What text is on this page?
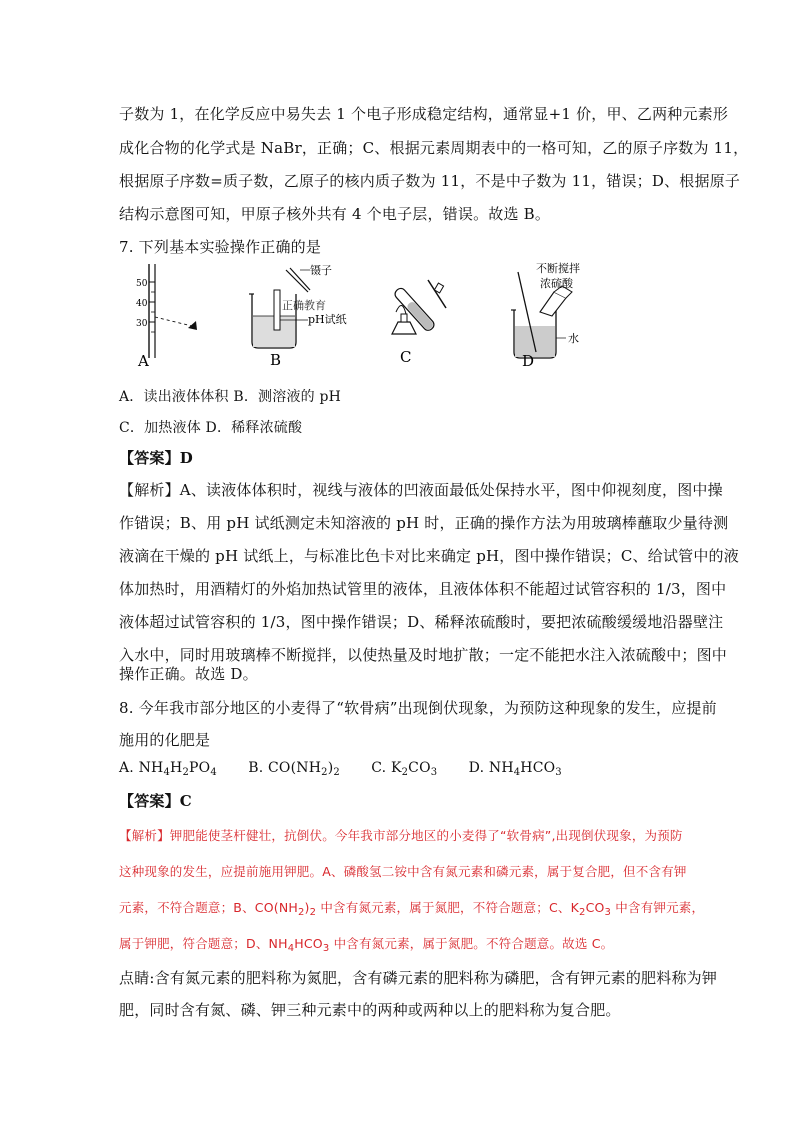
子数为 1，在化学反应中易失去 1 个电子形成稳定结构，通常显+1 价，甲、乙两种元素形
成化合物的化学式是 NaBr，正确；C、根据元素周期表中的一格可知，乙的原子序数为 11，
根据原子序数=质子数，乙原子的核内质子数为 11，不是中子数为 11，错误；D、根据原子
结构示意图可知，甲原子核外共有 4 个电子层，错误。故选 B。
7. 下列基本实验操作正确的是
50
40
30
A
镊子
正确教育
pH试纸
B	C
不断搅拌
浓硫酸
水
D
A．读出液体体积 B．测溶液的 pH
C．加热液体 D．稀释浓硫酸
【答案】D
【解析】A、读液体体积时，视线与液体的凹液面最低处保持水平，图中仰视刻度，图中操
作错误；B、用 pH 试纸测定未知溶液的 pH 时，正确的操作方法为用玻璃棒蘸取少量待测
液滴在干燥的 pH 试纸上，与标准比色卡对比来确定 pH，图中操作错误；C、给试管中的液
体加热时，用酒精灯的外焰加热试管里的液体，且液体体积不能超过试管容积的 1/3，图中
液体超过试管容积的 1/3，图中操作错误；D、稀释浓硫酸时，要把浓硫酸缓缓地沿器壁注
入水中，同时用玻璃棒不断搅拌，以使热量及时地扩散；一定不能把水注入浓硫酸中；图中
操作正确。故选 D。
8. 今年我市部分地区的小麦得了“软骨病”出现倒伏现象，为预防这种现象的发生，应提前
施用的化肥是
A. $NH_4H_2PO_4$ B. $CO(NH_2)_2$ C. $K_2CO_3$ D. $NH_4HCO_3$
【答案】C
【解析】钾肥能使茎杆健壮，抗倒伏。今年我市部分地区的小麦得了“软骨病”,出现倒伏现象，为预防
这种现象的发生，应提前施用钾肥。A、磷酸氢二铵中含有氮元素和磷元素，属于复合肥，但不含有钾
元素，不符合题意；B、$CO(NH_2)_2$ 中含有氮元素，属于氮肥，不符合题意；C、$K_2CO_3$ 中含有钾元素，
属于钾肥，符合题意；D、$NH_4HCO_3$ 中含有氮元素，属于氮肥。不符合题意。故选 C。
点睛:含有氮元素的肥料称为氮肥，含有磷元素的肥料称为磷肥，含有钾元素的肥料称为钾
肥，同时含有氮、磷、钾三种元素中的两种或两种以上的肥料称为复合肥。
